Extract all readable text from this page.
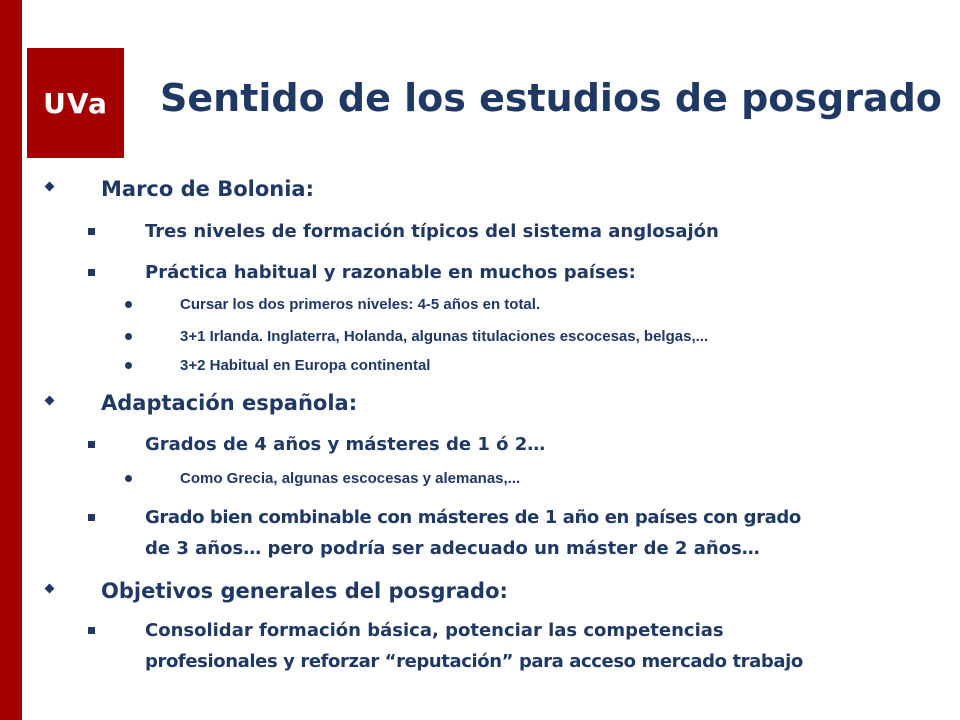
UVa Sentido de los estudios de posgrado
Marco de Bolonia:
Tres niveles de formación típicos del sistema anglosajón
Práctica habitual y razonable en muchos países:
Cursar los dos primeros niveles: 4-5 años en total.
3+1 Irlanda. Inglaterra, Holanda, algunas titulaciones escocesas, belgas,...
3+2 Habitual en Europa continental
Adaptación española:
Grados de 4 años y másteres de 1 ó 2…
Como Grecia, algunas escocesas y alemanas,...
Grado bien combinable con másteres de 1 año en países con grado
de 3 años… pero podría ser adecuado un máster de 2 años…
Objetivos generales del posgrado:
Consolidar formación básica, potenciar las competencias
profesionales y reforzar “reputación” para acceso mercado trabajo
